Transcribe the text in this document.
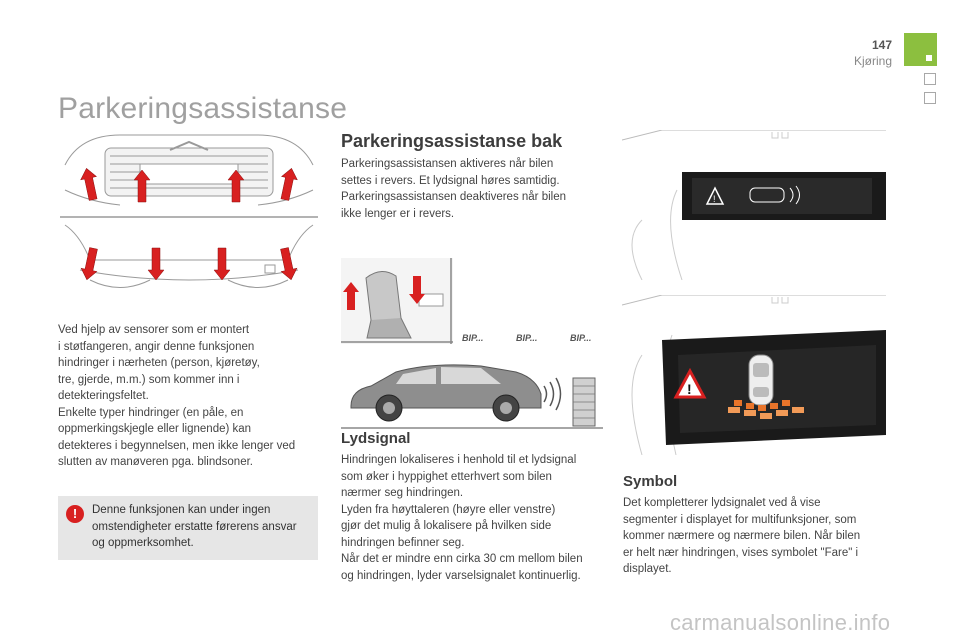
147
Kjøring
Parkeringsassistanse
Ved hjelp av sensorer som er montert
i støtfangeren, angir denne funksjonen
hindringer i nærheten (person, kjøretøy,
tre, gjerde, m.m.) som kommer inn i
detekteringsfeltet.
Enkelte typer hindringer (en påle, en
oppmerkingskjegle eller lignende) kan
detekteres i begynnelsen, men ikke lenger ved
slutten av manøveren pga. blindsoner.
!	Denne funksjonen kan under ingen
omstendigheter erstatte førerens ansvar
og oppmerksomhet.
Parkeringsassistanse bak
Parkeringsassistansen aktiveres når bilen
settes i revers. Et lydsignal høres samtidig.
Parkeringsassistansen deaktiveres når bilen
ikke lenger er i revers.
BIP...	BIP...	BIP...
Lydsignal
Hindringen lokaliseres i henhold til et lydsignal
som øker i hyppighet etterhvert som bilen
nærmer seg hindringen.
Lyden fra høyttaleren (høyre eller venstre)
gjør det mulig å lokalisere på hvilken side
hindringen befinner seg.
Når det er mindre enn cirka 30 cm mellom bilen
og hindringen, lyder varselsignalet kontinuerlig.
!
!
Symbol
Det kompletterer lydsignalet ved å vise
segmenter i displayet for multifunksjoner, som
kommer nærmere og nærmere bilen. Når bilen
er helt nær hindringen, vises symbolet "Fare" i
displayet.
carmanualsonline.info
